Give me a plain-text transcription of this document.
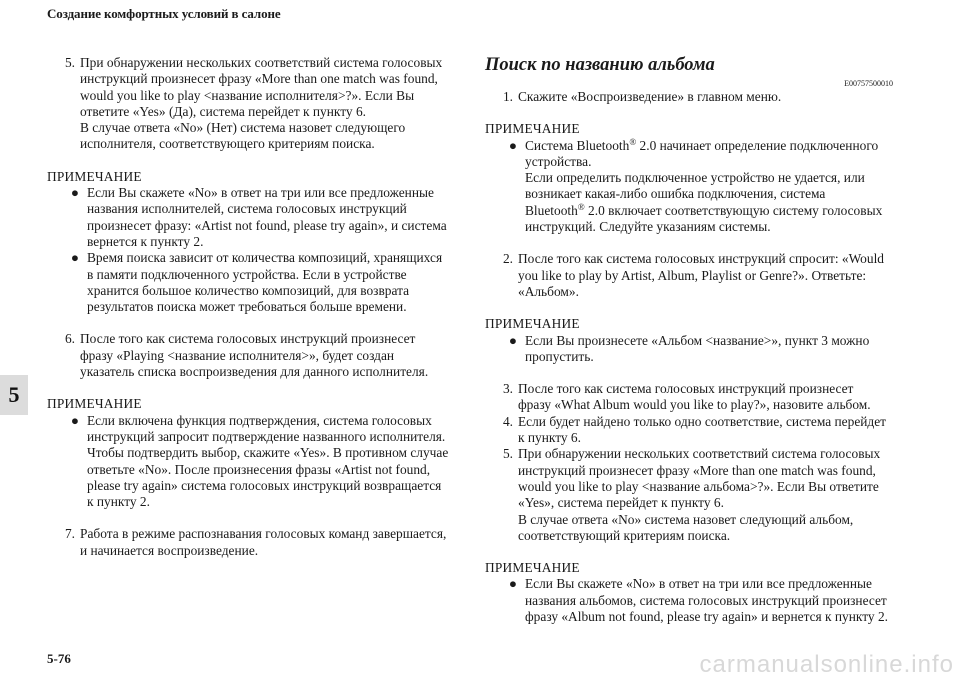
Создание комфортных условий в салоне
5
5. При обнаружении нескольких соответствий система голосовых
инструкций произнесет фразу «More than one match was found,
would you like to play <название исполнителя>?». Если Вы
ответите «Yes» (Да), система перейдет к пункту 6.
В случае ответа «No» (Нет) система назовет следующего
исполнителя, соответствующего критериям поиска.
ПРИМЕЧАНИЕ
● Если Вы скажете «No» в ответ на три или все предложенные
названия исполнителей, система голосовых инструкций
произнесет фразу: «Artist not found, please try again», и система
вернется к пункту 2.
● Время поиска зависит от количества композиций, хранящихся
в памяти подключенного устройства. Если в устройстве
хранится большое количество композиций, для возврата
результатов поиска может требоваться больше времени.
6. После того как система голосовых инструкций произнесет
фразу «Playing <название исполнителя>», будет создан
указатель списка воспроизведения для данного исполнителя.
ПРИМЕЧАНИЕ
● Если включена функция подтверждения, система голосовых
инструкций запросит подтверждение названного исполнителя.
Чтобы подтвердить выбор, скажите «Yes». В противном случае
ответьте «No». После произнесения фразы «Artist not found,
please try again» система голосовых инструкций возвращается
к пункту 2.
7. Работа в режиме распознавания голосовых команд завершается,
и начинается воспроизведение.
Поиск по названию альбома
E00757500010
1. Скажите «Воспроизведение» в главном меню.
ПРИМЕЧАНИЕ
● Система Bluetooth® 2.0 начинает определение подключенного
устройства.
Если определить подключенное устройство не удается, или
возникает какая-либо ошибка подключения, система
Bluetooth® 2.0 включает соответствующую систему голосовых
инструкций. Следуйте указаниям системы.
2. После того как система голосовых инструкций спросит: «Would
you like to play by Artist, Album, Playlist or Genre?». Ответьте:
«Альбом».
ПРИМЕЧАНИЕ
● Если Вы произнесете «Альбом <название>», пункт 3 можно
пропустить.
3. После того как система голосовых инструкций произнесет
фразу «What Album would you like to play?», назовите альбом.
4. Если будет найдено только одно соответствие, система перейдет
к пункту 6.
5. При обнаружении нескольких соответствий система голосовых
инструкций произнесет фразу «More than one match was found,
would you like to play <название альбома>?». Если Вы ответите
«Yes», система перейдет к пункту 6.
В случае ответа «No» система назовет следующий альбом,
соответствующий критериям поиска.
ПРИМЕЧАНИЕ
● Если Вы скажете «No» в ответ на три или все предложенные
названия альбомов, система голосовых инструкций произнесет
фразу «Album not found, please try again» и вернется к пункту 2.
5-76	carmanualsonline.info
